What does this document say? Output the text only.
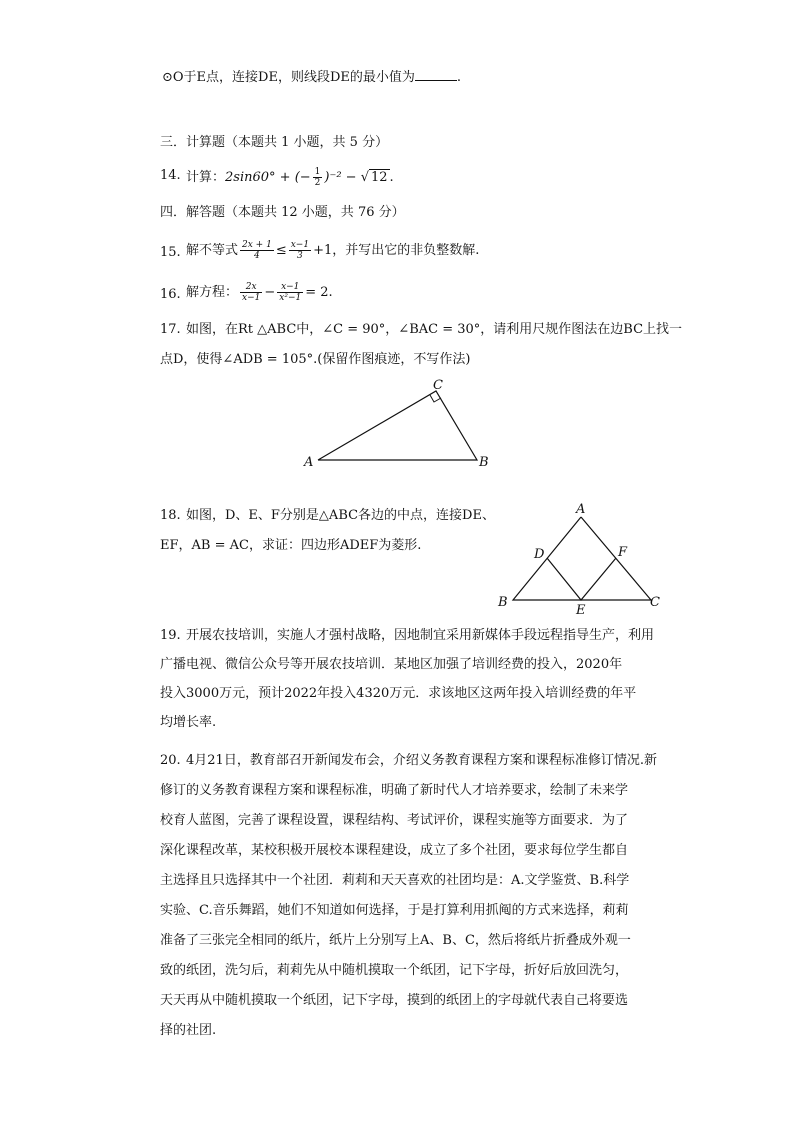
⊙O于E点，连接DE，则线段DE的最小值为	.
三．计算题（本题共 1 小题，共 5 分）
14. 计算：2sin60° + (− $\frac{1}{2} )^{-2}$ − √ 12 .
四．解答题（本题共 12 小题，共 76 分）
15. 解不等式 $\frac{2x + 1}{4} \le \frac{x-1}{3} +1$，并写出它的非负整数解.
16. 解方程： $\frac{2x}{x-1} - \frac{x-1}{\text{x²−1}} = 2$.
17. 如图，在Rt △ABC中，∠C = 90°，∠BAC = 30°，请利用尺规作图法在边BC上找一
点D，使得∠ADB = 105°.(保留作图痕迹，不写作法)
A	B
C
A
B	C
D
E
F
18. 如图，D、E、F分别是△ABC各边的中点，连接DE、
EF，AB = AC，求证：四边形ADEF为菱形.
19. 开展农技培训，实施人才强村战略，因地制宜采用新媒体手段远程指导生产，利用
广播电视、微信公众号等开展农技培训．某地区加强了培训经费的投入，2020年
投入3000万元，预计2022年投入4320万元．求该地区这两年投入培训经费的年平
均增长率.
20. 4月21日，教育部召开新闻发布会，介绍义务教育课程方案和课程标准修订情况.新
修订的义务教育课程方案和课程标准，明确了新时代人才培养要求，绘制了未来学
校育人蓝图，完善了课程设置，课程结构、考试评价，课程实施等方面要求．为了
深化课程改革，某校积极开展校本课程建设，成立了多个社团，要求每位学生都自
主选择且只选择其中一个社团．莉莉和天天喜欢的社团均是：A.文学鉴赏、B.科学
实验、C.音乐舞蹈，她们不知道如何选择，于是打算利用抓阄的方式来选择，莉莉
准备了三张完全相同的纸片，纸片上分别写上A、B、C，然后将纸片折叠成外观一
致的纸团，洗匀后，莉莉先从中随机摸取一个纸团，记下字母，折好后放回洗匀，
天天再从中随机摸取一个纸团，记下字母，摸到的纸团上的字母就代表自己将要选
择的社团.
